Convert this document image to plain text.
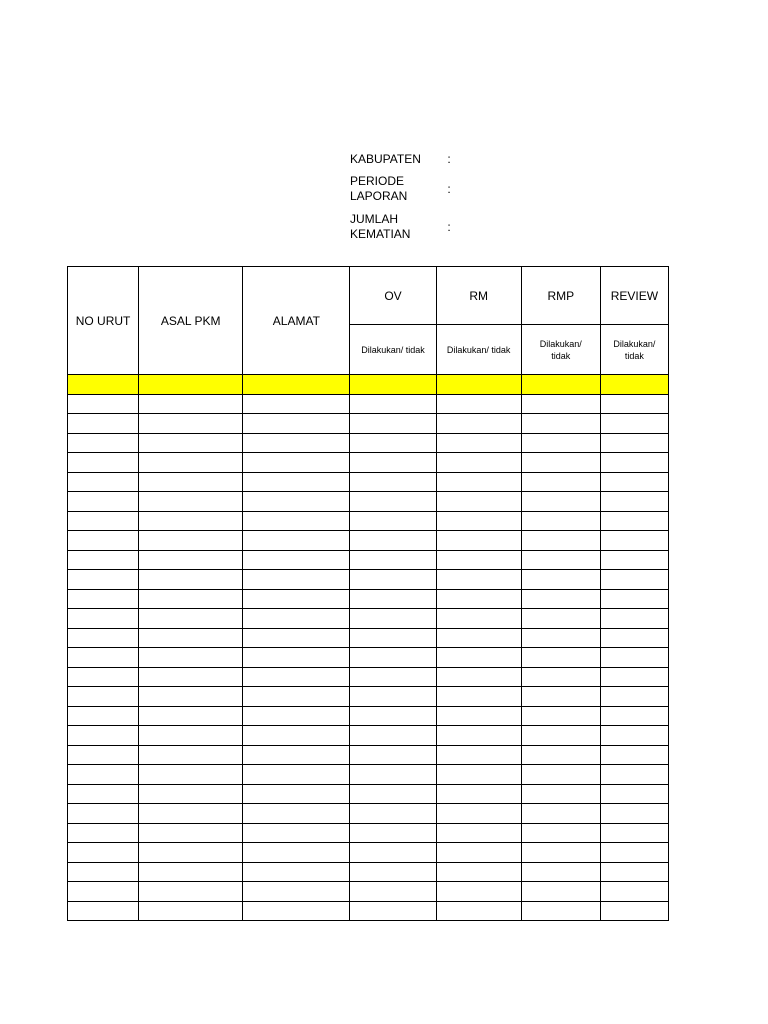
KABUPATEN	:
PERIODE LAPORAN	:
JUMLAH KEMATIAN	:
NO URUT	ASAL PKM	ALAMAT	OV	RM	RMP	REVIEW
			Dilakukan/ tidak	Dilakukan/ tidak	Dilakukan/ tidak	Dilakukan/ tidak
